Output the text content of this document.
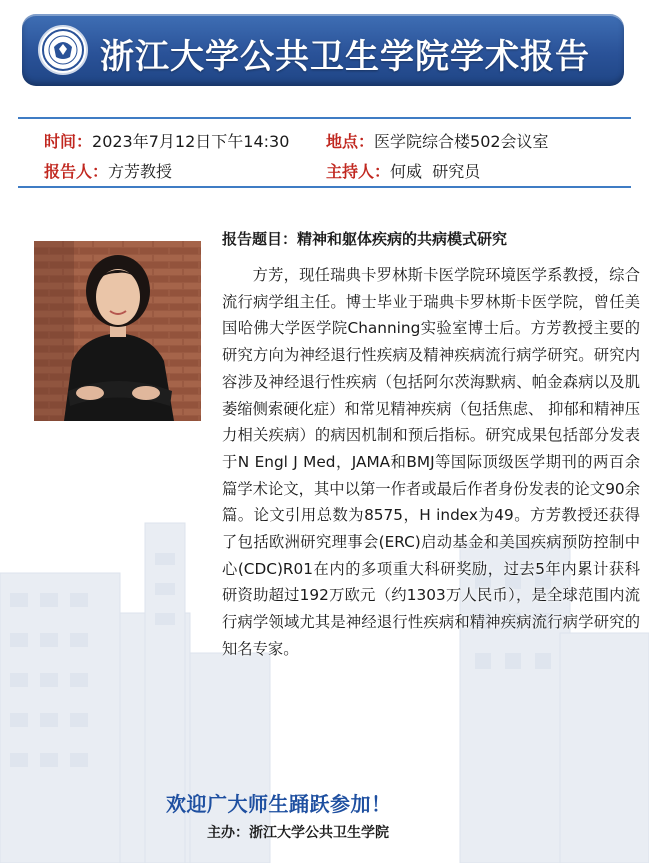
浙江大学公共卫生学院学术报告
时间：2023年7月12日下午14:30 地点：医学院综合楼502会议室
报告人：方芳教授	主持人：何威  研究员
报告题目：精神和躯体疾病的共病模式研究

方芳，现任瑞典卡罗林斯卡医学院环境医学系教授，综合流行病学组主任。博士毕业于瑞典卡罗林斯卡医学院，曾任美国哈佛大学医学院Channing实验室博士后。方芳教授主要的研究方向为神经退行性疾病及精神疾病流行病学研究。研究内容涉及神经退行性疾病（包括阿尔茨海默病、帕金森病以及肌萎缩侧索硬化症）和常见精神疾病（包括焦虑、 抑郁和精神压力相关疾病）的病因机制和预后指标。研究成果包括部分发表于N Engl J Med，JAMA和BMJ等国际顶级医学期刊的两百余篇学术论文，其中以第一作者或最后作者身份发表的论文90余篇。论文引用总数为8575，H index为49。方芳教授还获得了包括欧洲研究理事会(ERC)启动基金和美国疾病预防控制中心(CDC)R01在内的多项重大科研奖励，过去5年内累计获科研资助超过192万欧元（约1303万人民币），是全球范围内流行病学领域尤其是神经退行性疾病和精神疾病流行病学研究的知名专家。

欢迎广大师生踊跃参加！
主办：浙江大学公共卫生学院
